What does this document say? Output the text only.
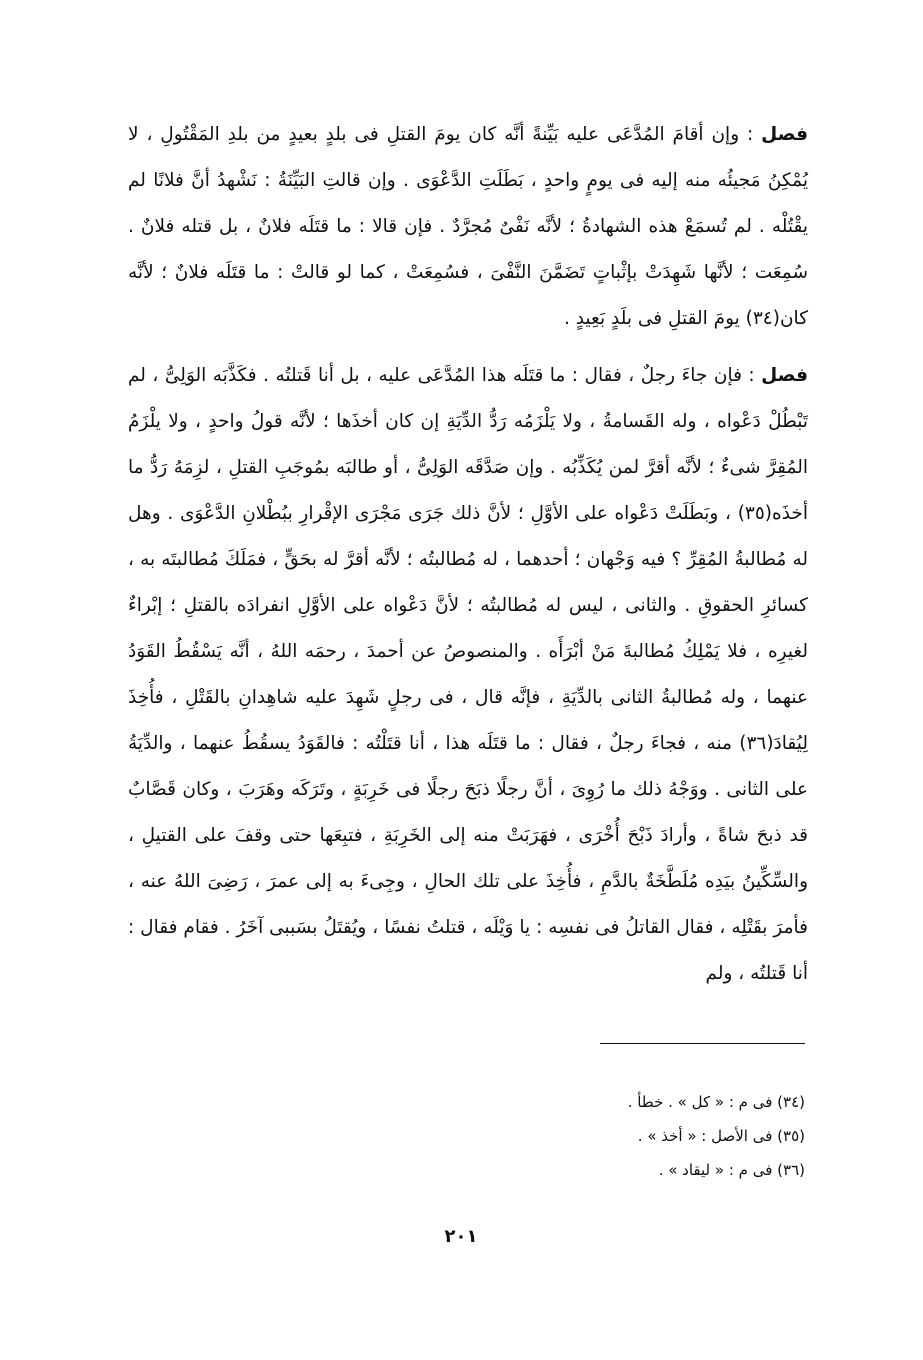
فصل : وإن أقامَ المُدَّعَى عليه بَيِّنةً أنَّه كان يومَ القتلِ فى بلدٍ بعيدٍ من بلدِ المَقْتُولِ ، لا يُمْكِنُ مَجيئُه منه إليه فى يومٍ واحدٍ ، بَطَلَتِ الدَّعْوَى . وإن قالتِ البَيِّنَةُ : نَشْهدُ أنَّ فلانًا لم يقْتُلْه . لم تُسمَعْ هذه الشهادةُ ؛ لأنَّه نَفْىٌ مُجرَّدٌ . فإن قالا : ما قتَلَه فلانٌ ، بل قتله فلانٌ . سُمِعَت ؛ لأنَّها شَهِدَتْ بإثْباتٍ تَضَمَّنَ النَّفْىَ ، فسُمِعَتْ ، كما لو قالتْ : ما قتَلَه فلانٌ ؛ لأنَّه كان(٣٤) يومَ القتلِ فى بلَدٍ بَعِيدٍ .

فصل : فإن جاءَ رجلٌ ، فقال : ما قتَلَه هذا المُدَّعَى عليه ، بل أنا قَتلتُه . فكَذَّبَه الوَلِىُّ ، لم تَبْطُلْ دَعْواه ، وله القَسامةُ ، ولا يَلْزَمُه رَدُّ الدِّيَةِ إن كان أخذَها ؛ لأنَّه قولُ واحدٍ ، ولا يلْزَمُ المُقِرَّ شىءٌ ؛ لأنَّه أقرَّ لمن يُكَذِّبُه . وإن صَدَّقَه الوَلِىُّ ، أو طالبَه بمُوجَبِ القتلِ ، لزِمَهُ رَدُّ ما أخذَه(٣٥) ، وبَطَلَتْ دَعْواه على الأوَّلِ ؛ لأنَّ ذلك جَرَى مَجْرَى الإقْرارِ ببُطْلانِ الدَّعْوَى . وهل له مُطالبةُ المُقِرِّ ؟ فيه وَجْهان ؛ أحدهما ، له مُطالبتُه ؛ لأنَّه أقرَّ له بحَقٍّ ، فمَلَكَ مُطالبتَه به ، كسائرِ الحقوقِ . والثانى ، ليس له مُطالبتُه ؛ لأنَّ دَعْواه على الأوَّلِ انفرادَه بالقتلِ ؛ إبْراءٌ لغيرِه ، فلا يَمْلِكُ مُطالبةَ مَنْ أبْرَأَه . والمنصوصُ عن أحمدَ ، رحمَه اللهُ ، أنَّه يَسْقُطُ القَوَدُ عنهما ، وله مُطالبةُ الثانى بالدِّيَةِ ، فإنَّه قال ، فى رجلٍ شَهِدَ عليه شاهِدانِ بالقَتْلِ ، فأُخِذَ لِيُقادَ(٣٦) منه ، فجاءَ رجلٌ ، فقال : ما قتَلَه هذا ، أنا قتَلْتُه : فالقَوَدُ يسقُطُ عنهما ، والدِّيَةُ على الثانى . ووَجْهُ ذلك ما رُوِىَ ، أنَّ رجلًا ذبَحَ رجلًا فى خَرِبَةٍ ، وتَرَكَه وهَرَبَ ، وكان قَصَّابٌ قد ذبحَ شاةً ، وأرادَ ذَبْحَ أُخْرَى ، فهَرَبَتْ منه إلى الخَرِبَةِ ، فتبِعَها حتى وقفَ على القتيلِ ، والسِّكِّينُ بيَدِه مُلَطَّخَةٌ بالدَّمِ ، فأُخِذَ على تلك الحالِ ، وجِىءَ به إلى عمرَ ، رَضِىَ اللهُ عنه ، فأمرَ بقَتْلِه ، فقال القاتلُ فى نفسِه : يا وَيْلَه ، قتلتُ نفسًا ، ويُقتَلُ بسَببى آخَرُ . فقام فقال : أنا قَتلتُه ، ولم

(٣٤) فى م : « كل » . خطأ .
(٣٥) فى الأصل : « أخذ » .
(٣٦) فى م : « ليقاد » .
٢٠١
